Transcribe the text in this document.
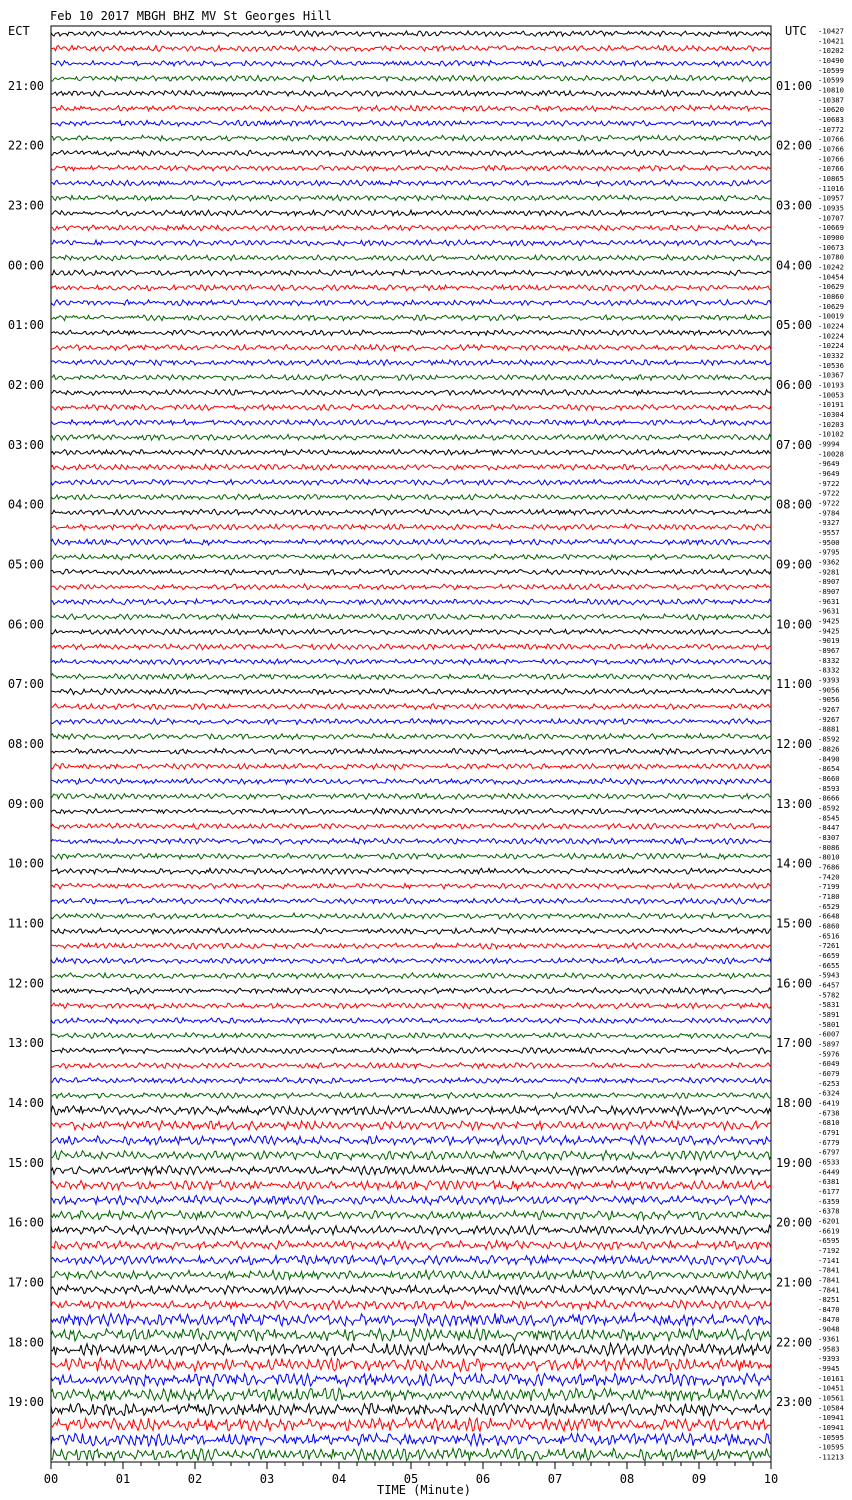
Feb 10 2017 MBGH BHZ MV St Georges Hill
ECT	UTC
21:00
22:00
23:00
00:00
01:00
02:00
03:00
04:00
05:00
06:00
07:00
08:00
09:00
10:00
11:00
12:00
13:00
14:00
15:00
16:00
17:00
18:00
19:00
01:00
02:00
03:00
04:00
05:00
06:00
07:00
08:00
09:00
10:00
11:00
12:00
13:00
14:00
15:00
16:00
17:00
18:00
19:00
20:00
21:00
22:00
23:00
-10427
-10421
-10202
-10490
-10599
-10599
-10810
-10387
-10620
-10683
-10772
-10766
-10766
-10766
-10766
-10865
-11016
-10957
-10935
-10707
-10669
-10900
-10673
-10780
-10242
-10454
-10629
-10860
-10629
-10019
-10224
-10224
-10224
-10332
-10536
-10367
-10193
-10053
-10191
-10304
-10203
-10102
-9994
-10028
-9649
-9649
-9722
-9722
-9722
-9784
-9327
-9557
-9500
-9795
-9362
-9281
-8907
-8907
-9631
-9631
-9425
-9425
-9019
-8967
-8332
-8332
-9393
-9056
-9056
-9267
-9267
-8881
-8592
-8826
-8490
-8654
-8660
-8593
-8666
-8592
-8545
-8447
-8307
-8086
-8010
-7686
-7420
-7199
-7180
-6529
-6648
-6860
-6516
-7261
-6659
-6655
-5943
-6457
-5782
-5831
-5891
-5801
-6007
-5897
-5976
-6049
-6079
-6253
-6324
-6419
-6738
-6810
-6791
-6779
-6797
-6533
-6449
-6381
-6177
-6359
-6378
-6201
-6619
-6595
-7192
-7141
-7841
-7841
-7841
-8251
-8470
-8470
-9048
-9361
-9583
-9393
-9945
-10161
-10451
-10561
-10584
-10941
-10941
-10595
-10595
-11213
00	01	02	03	04	05	06	07	08	09	10
TIME (Minute)
